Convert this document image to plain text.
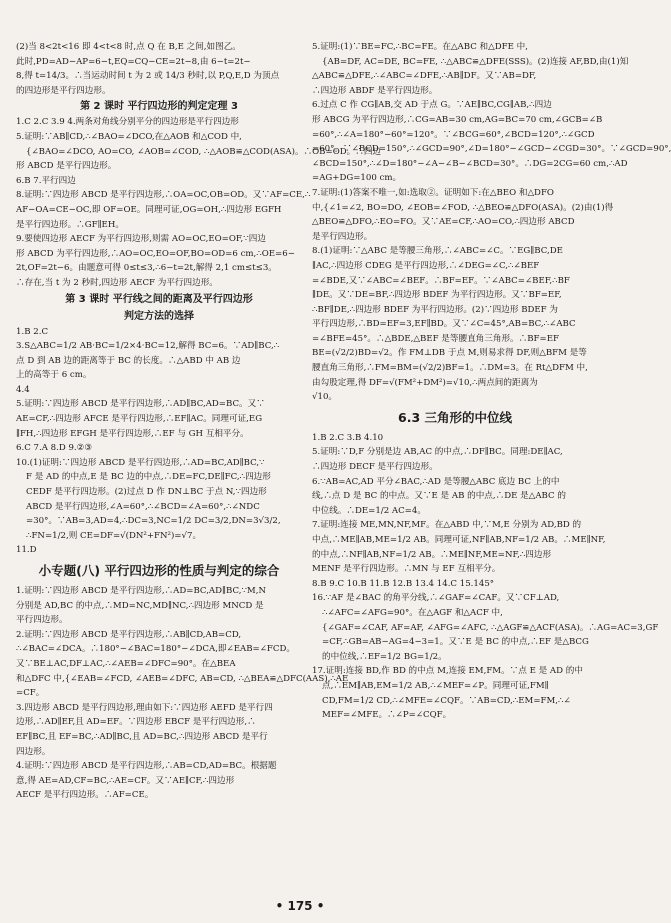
(2)当 8<2t<16 即 4<t<8 时,点 Q 在 B,E 之间,如图乙。
此时,PD=AD−AP=6−t,EQ=CQ−CE=2t−8,由 6−t=2t−
8,得 t=14/3。∴当运动时间 t 为 2 或 14/3 秒时,以 P,Q,E,D 为顶点
的四边形是平行四边形。
第 2 课时 平行四边形的判定定理 3
1.C 2.C 3.9 4.两条对角线分别平分的四边形是平行四边形
5.证明:∵AB∥CD,∴∠BAO=∠DCO,在△AOB 和△COD 中,
{∠BAO=∠DCO, AO=CO, ∠AOB=∠COD, ∴△AOB≌△COD(ASA)。∴OB=OD。∴四边
形 ABCD 是平行四边形。
6.B 7.平行四边
8.证明:∵四边形 ABCD 是平行四边形,∴OA=OC,OB=OD。又∵AF=CE,∴
AF−OA=CE−OC,即 OF=OE。同理可证,OG=OH,∴四边形 EGFH
是平行四边形。∴GF∥EH。
9.要使四边形 AECF 为平行四边形,则需 AO=OC,EO=OF,∵四边
形 ABCD 为平行四边形,∴AO=OC,EO=OF,BO=OD=6 cm,∴OE=6−
2t,OF=2t−6。由题意可得 0≤t≤3,∴6−t=2t,解得 2,1 cm≤t≤3。
∴存在,当 t 为 2 秒时,四边形 AECF 为平行四边形。
第 3 课时 平行线之间的距离及平行四边形
判定方法的选择
1.B 2.C
3.S△ABC=1/2 AB·BC=1/2×4·BC=12,解得 BC=6。∵AD∥BC,∴
点 D 到 AB 边的距离等于 BC 的长度。∴△ABD 中 AB 边
上的高等于 6 cm。
4.4
5.证明:∵四边形 ABCD 是平行四边形,∴AD∥BC,AD=BC。又∵
AE=CF,∴四边形 AFCE 是平行四边形,∴EF∥AC。同理可证,EG
∥FH,∴四边形 EFGH 是平行四边形,∴EF 与 GH 互相平分。
6.C 7.A 8.D 9.②③
10.(1)证明:∵四边形 ABCD 是平行四边形,∴AD=BC,AD∥BC,∵
F 是 AD 的中点,E 是 BC 边的中点,∴DE=FC,DE∥FC,∴四边形
CEDF 是平行四边形。(2)过点 D 作 DN⊥BC 于点 N,∵四边形
ABCD 是平行四边形,∠A=60°,∴∠BCD=∠A=60°,∴∠NDC
=30°。∵AB=3,AD=4,∴DC=3,NC=1/2 DC=3/2,DN=3√3/2,
∴FN=1/2,则 CE=DF=√(DN²+FN²)=√7。
11.D
小专题(八) 平行四边形的性质与判定的综合
1.证明:∵四边形 ABCD 是平行四边形,∴AD=BC,AD∥BC,∵M,N
分别是 AD,BC 的中点,∴MD=NC,MD∥NC,∴四边形 MNCD 是
平行四边形。
2.证明:∵四边形 ABCD 是平行四边形,∴AB∥CD,AB=CD,
∴∠BAC=∠DCA。∴180°−∠BAC=180°−∠DCA,即∠EAB=∠FCD。
又∵BE⊥AC,DF⊥AC,∴∠AEB=∠DFC=90°。在△BEA
和△DFC 中,{∠EAB=∠FCD, ∠AEB=∠DFC, AB=CD, ∴△BEA≌△DFC(AAS),∴AE
=CF。
3.四边形 ABCD 是平行四边形,理由如下:∵四边形 AEFD 是平行四
边形,∴AD∥EF,且 AD=EF。∵四边形 EBCF 是平行四边形,∴
EF∥BC,且 EF=BC,∴AD∥BC,且 AD=BC,∴四边形 ABCD 是平行
四边形。
4.证明:∵四边形 ABCD 是平行四边形,∴AB=CD,AD=BC。根据题
意,得 AE=AD,CF=BC,∴AE=CF。又∵AE∥CF,∴四边形
AECF 是平行四边形。∴AF=CE。
5.证明:(1)∵BE=FC,∴BC=FE。在△ABC 和△DFE 中,
{AB=DF, AC=DE, BC=FE, ∴△ABC≌△DFE(SSS)。(2)连接 AF,BD,由(1)知
△ABC≌△DFE,∴∠ABC=∠DFE,∴AB∥DF。又∵AB=DF,
∴四边形 ABDF 是平行四边形。
6.过点 C 作 CG∥AB,交 AD 于点 G。∵AE∥BC,CG∥AB,∴四边
形 ABCG 为平行四边形,∴CG=AB=30 cm,AG=BC=70 cm,∠GCB=∠B
=60°,∴∠A=180°−60°=120°。∵∠BCG=60°,∠BCD=120°,∴∠GCD
=60°。∵∠BCD=150°,∴∠GCD=90°,∠D=180°−∠GCD−∠CGD=30°。∵∠GCD=90°,
∠BCD=150°,∴∠D=180°−∠A−∠B−∠BCD=30°。∴DG=2CG=60 cm,∴AD
=AG+DG=100 cm。
7.证明:(1)答案不唯一,如:选取②。证明如下:在△BEO 和△DFO
中,{∠1=∠2, BO=DO, ∠EOB=∠FOD, ∴△BEO≌△DFO(ASA)。(2)由(1)得
△BEO≌△DFO,∴EO=FO。又∵AE=CF,∴AO=CO,∴四边形 ABCD
是平行四边形。
8.(1)证明:∵△ABC 是等腰三角形,∴∠ABC=∠C。∵EG∥BC,DE
∥AC,∴四边形 CDEG 是平行四边形,∴∠DEG=∠C,∴∠BEF
=∠BDE,又∵∠ABC=∠BEF。∴BF=EF。∵∠ABC=∠BEF,∴BF
∥DE。又∵DE=BF,∴四边形 BDEF 为平行四边形。又∵BF=EF,
∴BF∥DE,∴四边形 BDEF 为平行四边形。(2)∵四边形 BDEF 为
平行四边形,∴BD=EF=3,EF∥BD。又∵∠C=45°,AB=BC,∴∠ABC
=∠BFE=45°。∴△BDE,△BEF 是等腰直角三角形。∴BF=EF
BE=(√2/2)BD=√2。作 FM⊥DB 于点 M,则易求得 DF,则△BFM 是等
腰直角三角形,∴FM=BM=(√2/2)BF=1。∴DM=3。在 Rt△DFM 中,
由勾股定理,得 DF=√(FM²+DM²)=√10,∴两点间的距离为
√10。
6.3 三角形的中位线
1.B 2.C 3.B 4.10
5.证明:∵D,F 分别是边 AB,AC 的中点,∴DF∥BC。同理:DE∥AC,
∴四边形 DECF 是平行四边形。
6.∵AB=AC,AD 平分∠BAC,∴AD 是等腰△ABC 底边 BC 上的中
线,∴点 D 是 BC 的中点。又∵E 是 AB 的中点,∴DE 是△ABC 的
中位线。∴DE=1/2 AC=4。
7.证明:连接 ME,MN,NF,MF。在△ABD 中,∵M,E 分别为 AD,BD 的
中点,∴ME∥AB,ME=1/2 AB。同理可证,NF∥AB,NF=1/2 AB。∴ME∥NF,
的中点,∴NF∥AB,NF=1/2 AB。∴ME∥NF,ME=NF,∴四边形
MENF 是平行四边形。∴MN 与 EF 互相平分。
8.B 9.C 10.B 11.B 12.B 13.4 14.C 15.145°
16.∵AF 是∠BAC 的角平分线,∴∠GAF=∠CAF。又∵CF⊥AD,
∴∠AFC=∠AFG=90°。在△AGF 和△ACF 中,
{∠GAF=∠CAF, AF=AF, ∠AFG=∠AFC, ∴△AGF≌△ACF(ASA)。∴AG=AC=3,GF
=CF,∴GB=AB−AG=4−3=1。又∵E 是 BC 的中点,∴EF 是△BCG
的中位线,∴EF=1/2 BG=1/2。
17.证明:连接 BD,作 BD 的中点 M,连接 EM,FM。∵点 E 是 AD 的中
点,∴EM∥AB,EM=1/2 AB,∴∠MEF=∠P。同理可证,FM∥
CD,FM=1/2 CD,∴∠MFE=∠CQF。∵AB=CD,∴EM=FM,∴∠
MEF=∠MFE。∴∠P=∠CQF。
• 175 •
